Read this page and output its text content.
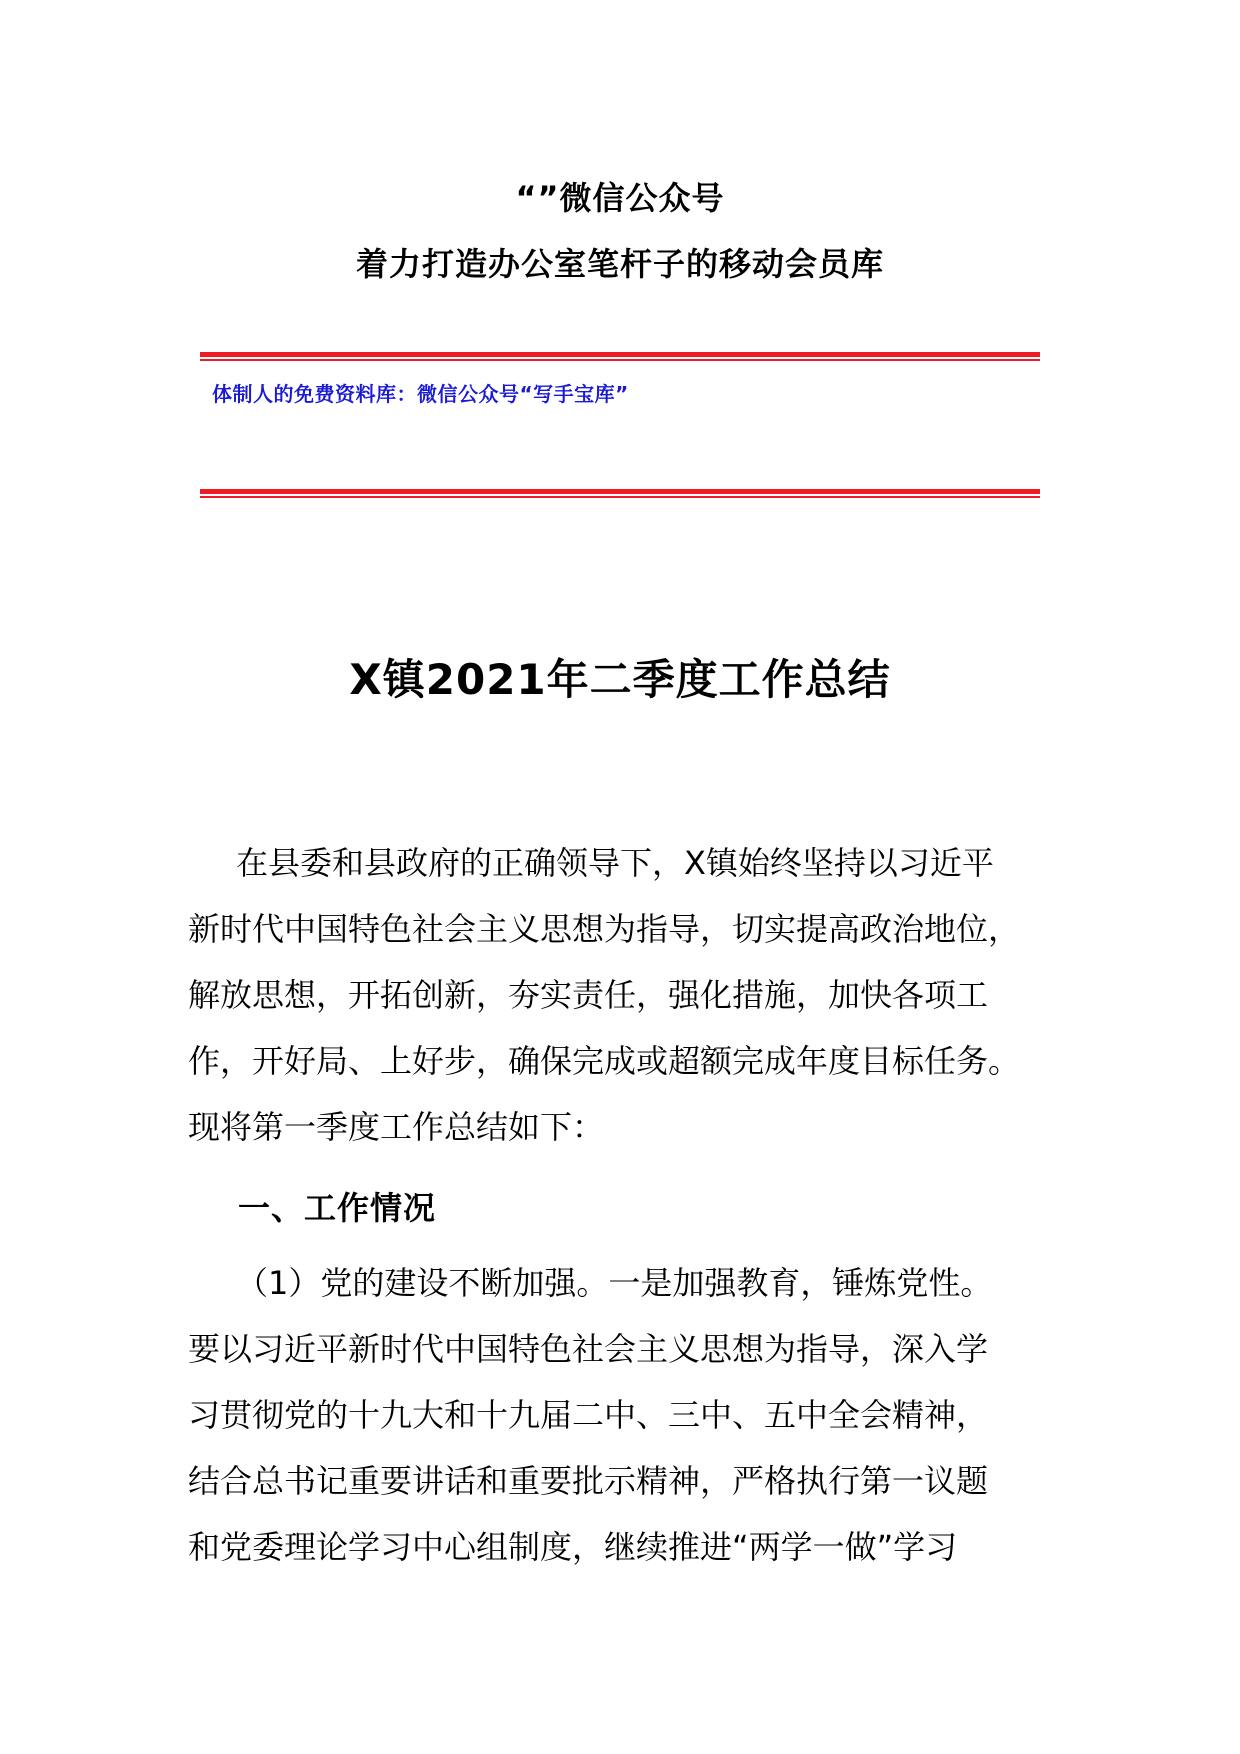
“”微信公众号
着力打造办公室笔杆子的移动会员库
体制人的免费资料库：微信公众号“写手宝库”
X镇2021年二季度工作总结
在县委和县政府的正确领导下，X镇始终坚持以习近平
新时代中国特色社会主义思想为指导，切实提高政治地位，
解放思想，开拓创新，夯实责任，强化措施，加快各项工
作，开好局、上好步，确保完成或超额完成年度目标任务。
现将第一季度工作总结如下：
一、工作情况
（1）党的建设不断加强。一是加强教育，锤炼党性。
要以习近平新时代中国特色社会主义思想为指导，深入学
习贯彻党的十九大和十九届二中、三中、五中全会精神，
结合总书记重要讲话和重要批示精神，严格执行第一议题
和党委理论学习中心组制度，继续推进“两学一做”学习
